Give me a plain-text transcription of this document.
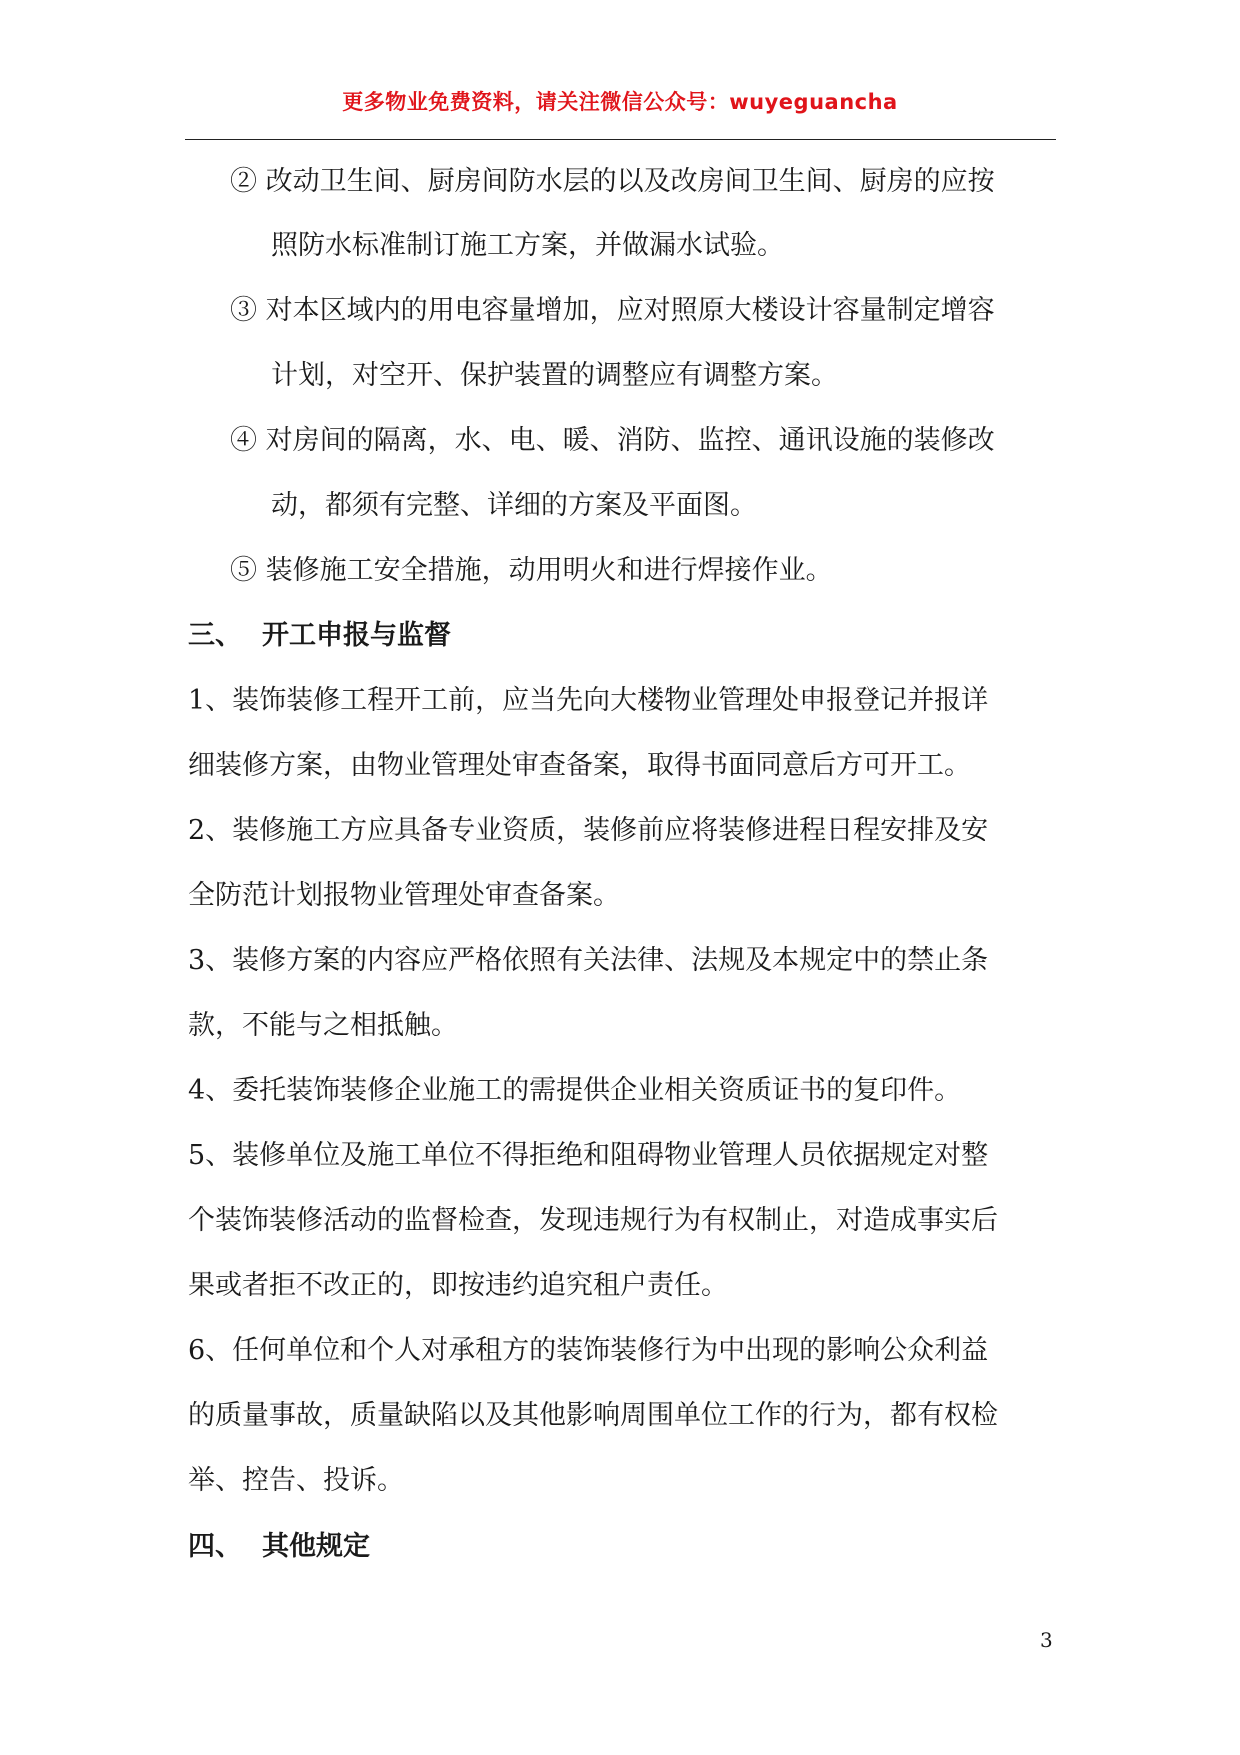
更多物业免费资料，请关注微信公众号：wuyeguancha
② 改动卫生间、厨房间防水层的以及改房间卫生间、厨房的应按
照防水标准制订施工方案，并做漏水试验。
③ 对本区域内的用电容量增加，应对照原大楼设计容量制定增容
计划，对空开、保护装置的调整应有调整方案。
④ 对房间的隔离，水、电、暖、消防、监控、通讯设施的装修改
动，都须有完整、详细的方案及平面图。
⑤ 装修施工安全措施，动用明火和进行焊接作业。
三、 开工申报与监督
1、装饰装修工程开工前，应当先向大楼物业管理处申报登记并报详
细装修方案，由物业管理处审查备案，取得书面同意后方可开工。
2、装修施工方应具备专业资质，装修前应将装修进程日程安排及安
全防范计划报物业管理处审查备案。
3、装修方案的内容应严格依照有关法律、法规及本规定中的禁止条
款，不能与之相抵触。
4、委托装饰装修企业施工的需提供企业相关资质证书的复印件。
5、装修单位及施工单位不得拒绝和阻碍物业管理人员依据规定对整
个装饰装修活动的监督检查，发现违规行为有权制止，对造成事实后
果或者拒不改正的，即按违约追究租户责任。
6、任何单位和个人对承租方的装饰装修行为中出现的影响公众利益
的质量事故，质量缺陷以及其他影响周围单位工作的行为，都有权检
举、控告、投诉。
四、 其他规定
3
